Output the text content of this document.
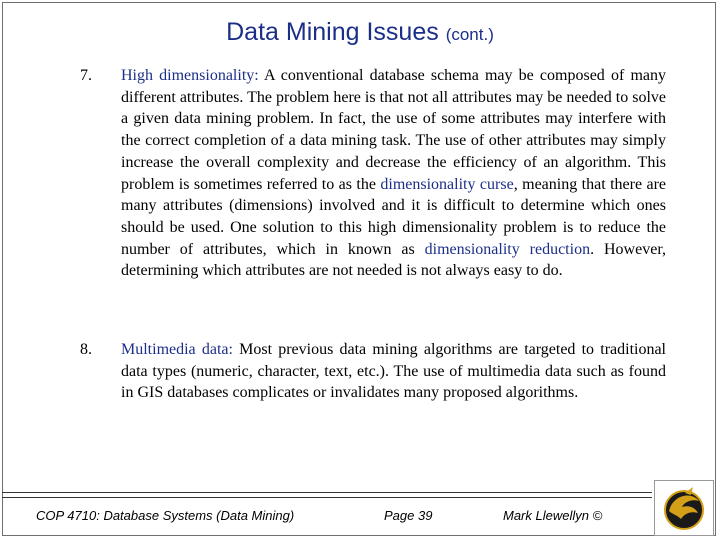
Data Mining Issues (cont.)
7.	High dimensionality: A conventional database schema may be composed of many different attributes. The problem here is that not all attributes may be needed to solve a given data mining problem. In fact, the use of some attributes may interfere with the correct completion of a data mining task. The use of other attributes may simply increase the overall complexity and decrease the efficiency of an algorithm. This problem is sometimes referred to as the dimensionality curse, meaning that there are many attributes (dimensions) involved and it is difficult to determine which ones should be used. One solution to this high dimensionality problem is to reduce the number of attributes, which in known as dimensionality reduction. However, determining which attributes are not needed is not always easy to do.
8.	Multimedia data: Most previous data mining algorithms are targeted to traditional data types (numeric, character, text, etc.). The use of multimedia data such as found in GIS databases complicates or invalidates many proposed algorithms.
COP 4710: Database Systems (Data Mining)	Page 39	Mark Llewellyn ©
